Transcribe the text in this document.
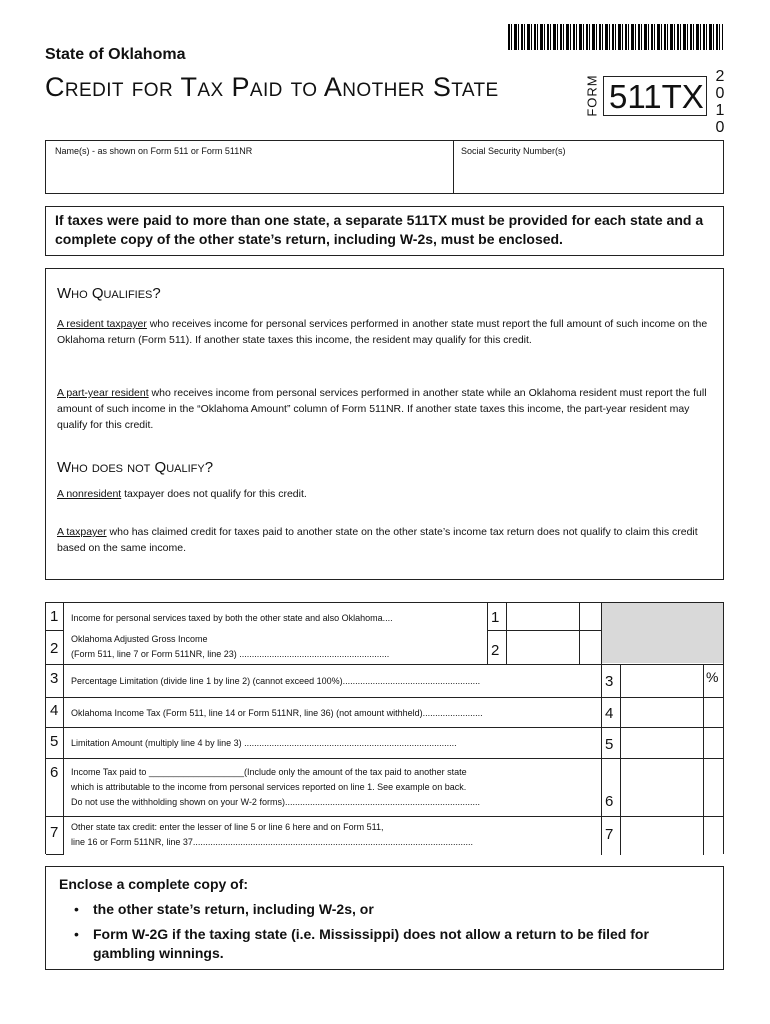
State of Oklahoma
Credit for Tax Paid to Another State	FORM 511TX
2
0
1
0
Name(s) - as shown on Form 511 or Form 511NR	Social Security Number(s)
If taxes were paid to more than one state, a separate 511TX must be provided for each state and a complete copy of the other state’s return, including W-2s, must be enclosed.
Who Qualifies?
A resident taxpayer who receives income for personal services performed in another state must report the full amount of such income on the Oklahoma return (Form 511). If another state taxes this income, the resident may qualify for this credit.
A part-year resident who receives income from personal services performed in another state while an Oklahoma resident must report the full amount of such income in the “Oklahoma Amount” column of Form 511NR. If another state taxes this income, the part-year resident may qualify for this credit.
Who does not Qualify?
A nonresident taxpayer does not qualify for this credit.
A taxpayer who has claimed credit for taxes paid to another state on the other state’s income tax return does not qualify to claim this credit based on the same income.
1 Income for personal services taxed by both the other state and also Oklahoma....	1
2
Oklahoma Adjusted Gross Income
(Form 511, line 7 or Form 511NR, line 23) ............................................................	2
3 Percentage Limitation (divide line 1 by line 2) (cannot exceed 100%).......................................................	3	%
4 Oklahoma Income Tax (Form 511, line 14 or Form 511NR, line 36) (not amount withheld)........................	4
5 Limitation Amount (multiply line 4 by line 3) .....................................................................................	5
6 Income Tax paid to ___________________(Include only the amount of the tax paid to another state
which is attributable to the income from personal services reported on line 1. See example on back.
Do not use the withholding shown on your W-2 forms)..............................................................................	6
7 Other state tax credit: enter the lesser of line 5 or line 6 here and on Form 511,
line 16 or Form 511NR, line 37................................................................................................................	7
Enclose a complete copy of:
•	the other state’s return, including W-2s, or
•	Form W-2G if the taxing state (i.e. Mississippi) does not allow a return to be filed for gambling winnings.
